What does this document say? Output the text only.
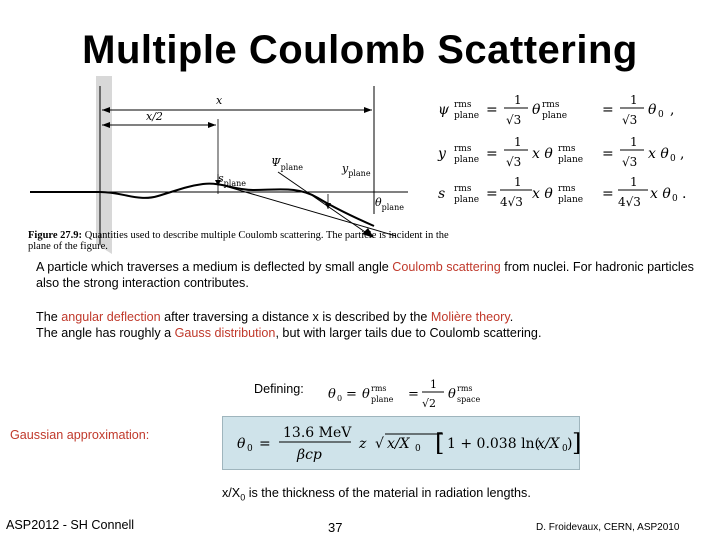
Multiple Coulomb Scattering
x
x/2
$\Psi_{plane}$	$y_{plane}$
$s_{plane}$
$\theta_{plane}$
ψ rms
plane =
1
√3
θ rms
plane =
1
√3
θ 0 ,
y rms
plane =
1
√3 x θ rms
plane =
1
√3 x θ 0 ,
s rms
plane =
1
4√3 x θ rms
plane =
1
4√3 x θ 0 .
Figure 27.9: Quantities used to describe multiple Coulomb scattering. The particle is incident in the plane of the figure.
A particle which traverses a medium is deflected by small angle Coulomb scattering from nuclei. For hadronic particles also the strong interaction contributes.
The angular deflection after traversing a distance x is described by the Molière theory.
The angle has roughly a Gauss distribution, but with larger tails due to Coulomb scattering.
Defining: θ 0 = θ rms
plane =
1
√2
θ rms
space
Gaussian approximation:
θ 0 =
13.6 MeV
βcp
z √ x/X 0 [ 1 + 0.038 ln(
x/X 0 ) ]
$x/X_0$ is the thickness of the material in radiation lengths.
ASP2012 - SH Connell	37	D. Froidevaux, CERN, ASP2010
